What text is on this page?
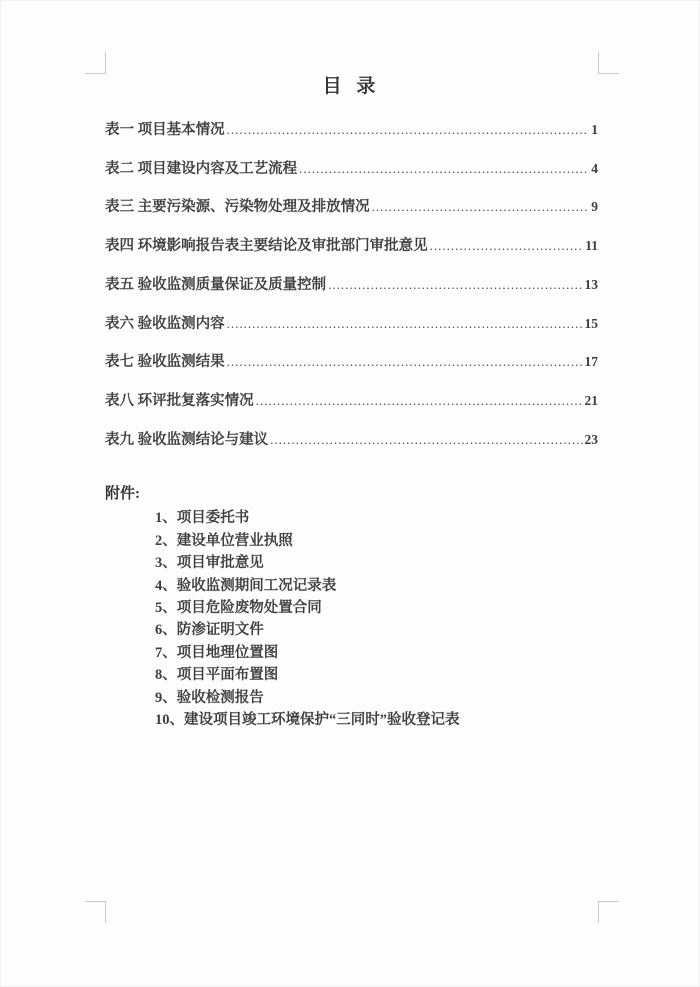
目 录
表一 项目基本情况 .....	1
表二 项目建设内容及工艺流程 .....	4
表三 主要污染源、污染物处理及排放情况 .....	9
表四 环境影响报告表主要结论及审批部门审批意见 .....	11
表五 验收监测质量保证及质量控制 .....	13
表六 验收监测内容 .....	15
表七 验收监测结果 .....	17
表八 环评批复落实情况 .....	21
表九 验收监测结论与建议 .....	23
附件:
1、项目委托书
2、建设单位营业执照
3、项目审批意见
4、验收监测期间工况记录表
5、项目危险废物处置合同
6、防渗证明文件
7、项目地理位置图
8、项目平面布置图
9、验收检测报告
10、建设项目竣工环境保护“三同时”验收登记表
